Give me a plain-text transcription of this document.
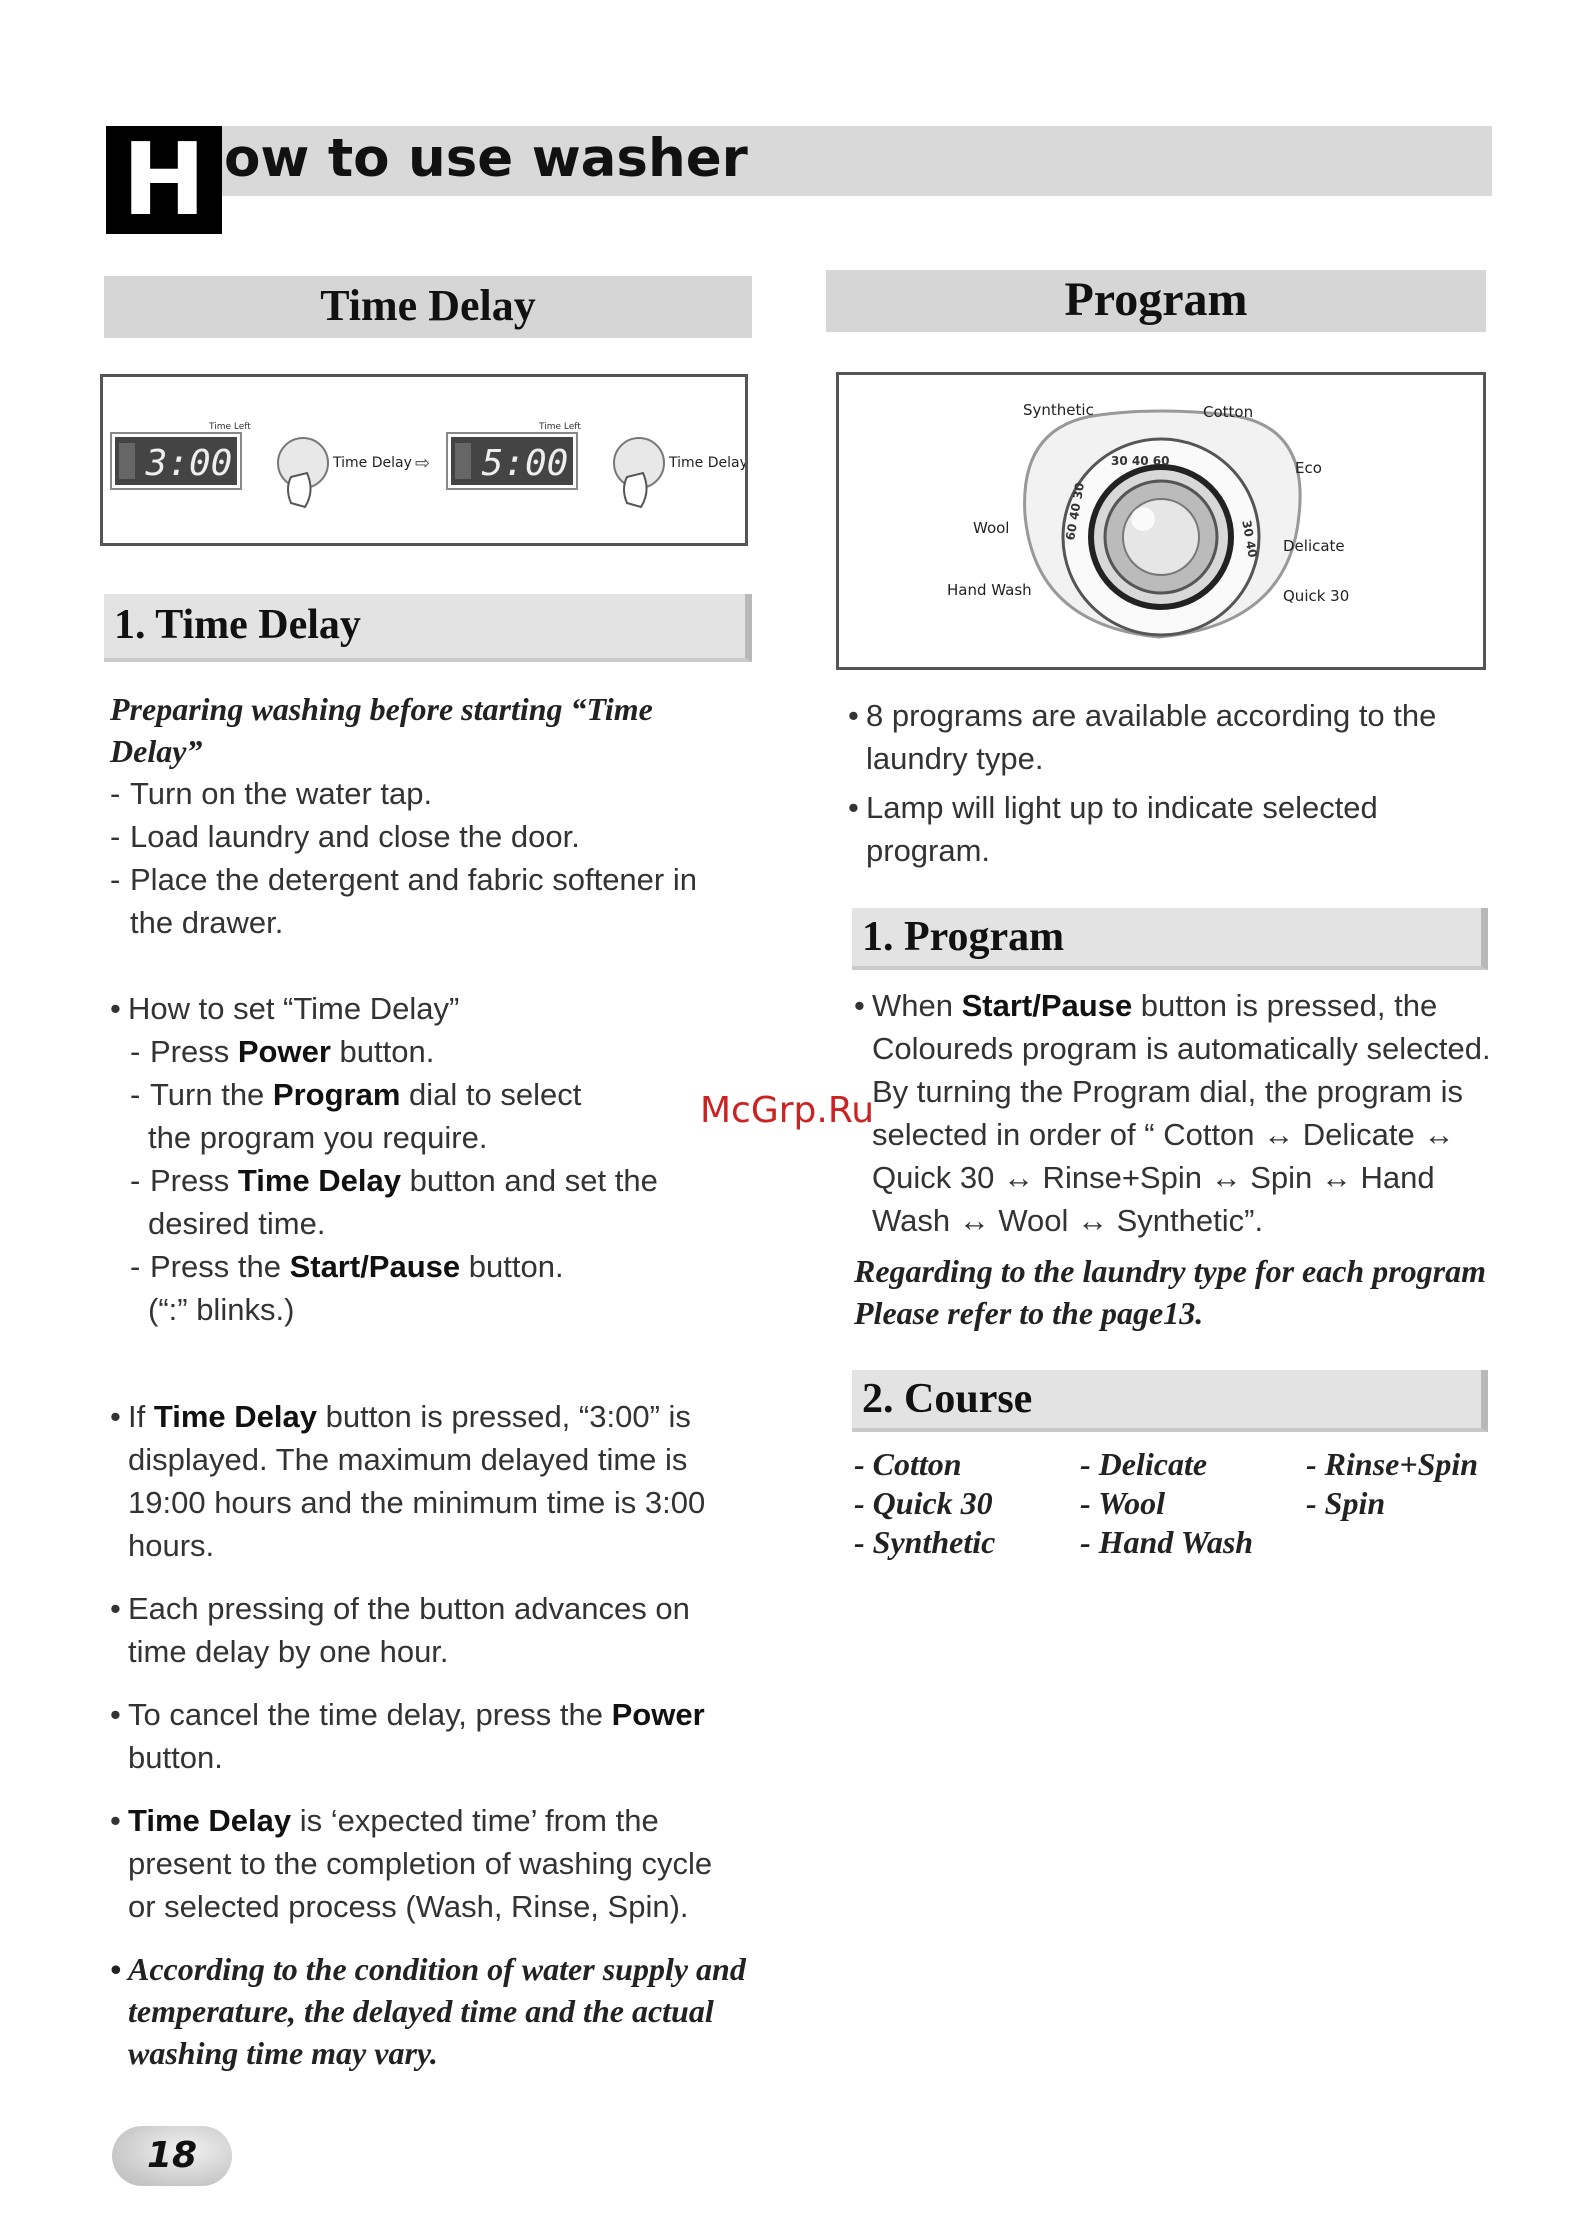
H ow to use washer
Time Delay
Time Left
3:00	Time Delay ⇨
Time Left
5:00	Time Delay
1. Time Delay
Preparing washing before starting “Time
Delay”
- Turn on the water tap.
- Load laundry and close the door.
- Place the detergent and fabric softener in
the drawer.
• How to set “Time Delay”
- Press Power button.
- Turn the Program dial to select
the program you require.
- Press Time Delay button and set the
desired time.
- Press the Start/Pause button.
(“:” blinks.)
• If Time Delay button is pressed, “3:00” is
displayed. The maximum delayed time is
19:00 hours and the minimum time is 3:00
hours.
• Each pressing of the button advances on
time delay by one hour.
• To cancel the time delay, press the Power
button.
• Time Delay is ‘expected time’ from the
present to the completion of washing cycle
or selected process (Wash, Rinse, Spin).
• According to the condition of water supply and
temperature, the delayed time and the actual
washing time may vary.
Program
30 40 60
60 40 30	30 40
Synthetic	Cotton
Eco
Wool
Delicate
Hand Wash	Quick 30
• 8 programs are available according to the
laundry type.
• Lamp will light up to indicate selected
program.
1. Program
• When Start/Pause button is pressed, the
Coloureds program is automatically selected.
By turning the Program dial, the program is
selected in order of “ Cotton ↔ Delicate ↔
Quick 30 ↔ Rinse+Spin ↔ Spin ↔ Hand
Wash ↔ Wool ↔ Synthetic”.
Regarding to the laundry type for each program
Please refer to the page13.
2. Course
- Cotton	- Delicate	- Rinse+Spin
- Quick 30	- Wool	- Spin
- Synthetic	- Hand Wash
McGrp.Ru
18
